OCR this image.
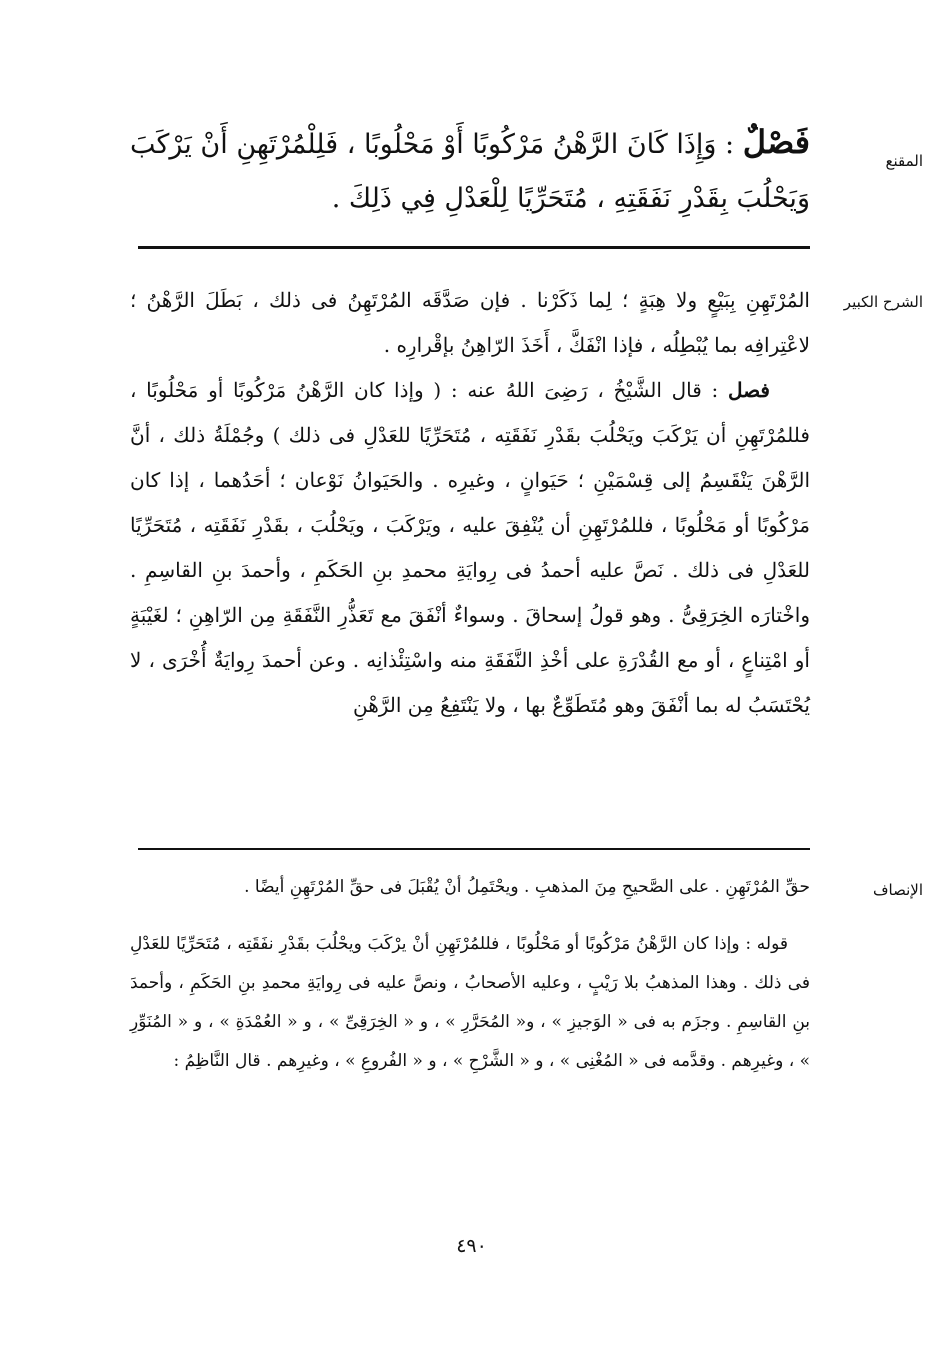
المقنع

فَصْلٌ : وَإِذَا كَانَ الرَّهْنُ مَرْكُوبًا أَوْ مَحْلُوبًا ، فَلِلْمُرْتَهِنِ أَنْ يَرْكَبَ وَيَحْلُبَ بِقَدْرِ نَفَقَتِهِ ، مُتَحَرِّيًا لِلْعَدْلِ فِي ذَلِكَ .

الشرح الكبير

المُرْتَهِنِ بِبَيْعٍ ولا هِبَةٍ ؛ لِما ذَكَرْنا . فإن صَدَّقَه المُرْتَهِنُ فى ذلك ، بَطَلَ الرَّهْنُ ؛ لاعْتِرافِه بما يُبْطِلُه ، فإذا انْفَكَّ ، أَخَذَ الرّاهِنُ بإقْرارِه .

فصل : قال الشَّيْخُ ، رَضِىَ اللهُ عنه : ( وإذا كان الرَّهْنُ مَرْكُوبًا أو مَحْلُوبًا ، فللمُرْتَهِنِ أن يَرْكَبَ ويَحْلُبَ بقَدْرِ نَفَقَتِه ، مُتَحَرِّيًا للعَدْلِ فى ذلك ) وجُمْلَةُ ذلك ، أنَّ الرَّهْنَ يَنْقَسِمُ إلى قِسْمَيْنِ ؛ حَيَوانٍ ، وغيرِه . والحَيَوانُ نَوْعان ؛ أحَدُهما ، إذا كان مَرْكُوبًا أو مَحْلُوبًا ، فللمُرْتَهِنِ أن يُنْفِقَ عليه ، ويَرْكَبَ ، ويَحْلُبَ ، بقَدْرِ نَفَقَتِه ، مُتَحَرِّيًا للعَدْلِ فى ذلك . نَصَّ عليه أحمدُ فى رِوايَةِ محمدِ بنِ الحَكَمِ ، وأحمدَ بنِ القاسِمِ . واخْتارَه الخِرَقِىُّ . وهو قولُ إسحاقَ . وسواءٌ أنْفَقَ مع تَعَذُّرِ النَّفَقَةِ مِن الرّاهِنِ ؛ لغَيْبَةٍ أو امْتِناعٍ ، أو مع القُدْرَةِ على أخْذِ النَّفَقَةِ منه واسْتِئْذانِه . وعن أحمدَ رِوايَةٌ أُخْرَى ، لا يُحْتَسَبُ له بما أنْفَقَ وهو مُتَطَوِّعٌ بها ، ولا يَنْتَفِعُ مِن الرَّهْنِ

الإنصاف

حقِّ المُرْتَهِنِ . على الصَّحيحِ مِنَ المذهبِ . ويحْتَمِلُ أنْ يُقْبَلَ فى حقِّ المُرْتَهِنِ أيضًا .

قوله : وإذا كان الرَّهْنُ مَرْكُوبًا أو مَحْلُوبًا ، فللمُرْتَهِنِ أنْ يرْكَبَ ويحْلُبَ بقَدْرِ نفَقَتِه ، مُتَحَرِّيًا للعَدْلِ فى ذلك . وهذا المذهبُ بلا رَيْبٍ ، وعليه الأصحابُ ، ونصَّ عليه فى رِوايَةِ محمدِ بنِ الحَكَمِ ، وأحمدَ بنِ القاسِمِ . وجزَم به فى « الوَجيزِ » ، و« المُحَرَّرِ » ، و « الخِرَقِىِّ » ، و « العُمْدَةِ » ، و « المُنَوِّرِ » ، وغيرِهم . وقدَّمه فى « المُغْنِى » ، و « الشَّرْحِ » ، و « الفُروعِ » ، وغيرِهم . قال النَّاظِمُ :

٤٩٠
